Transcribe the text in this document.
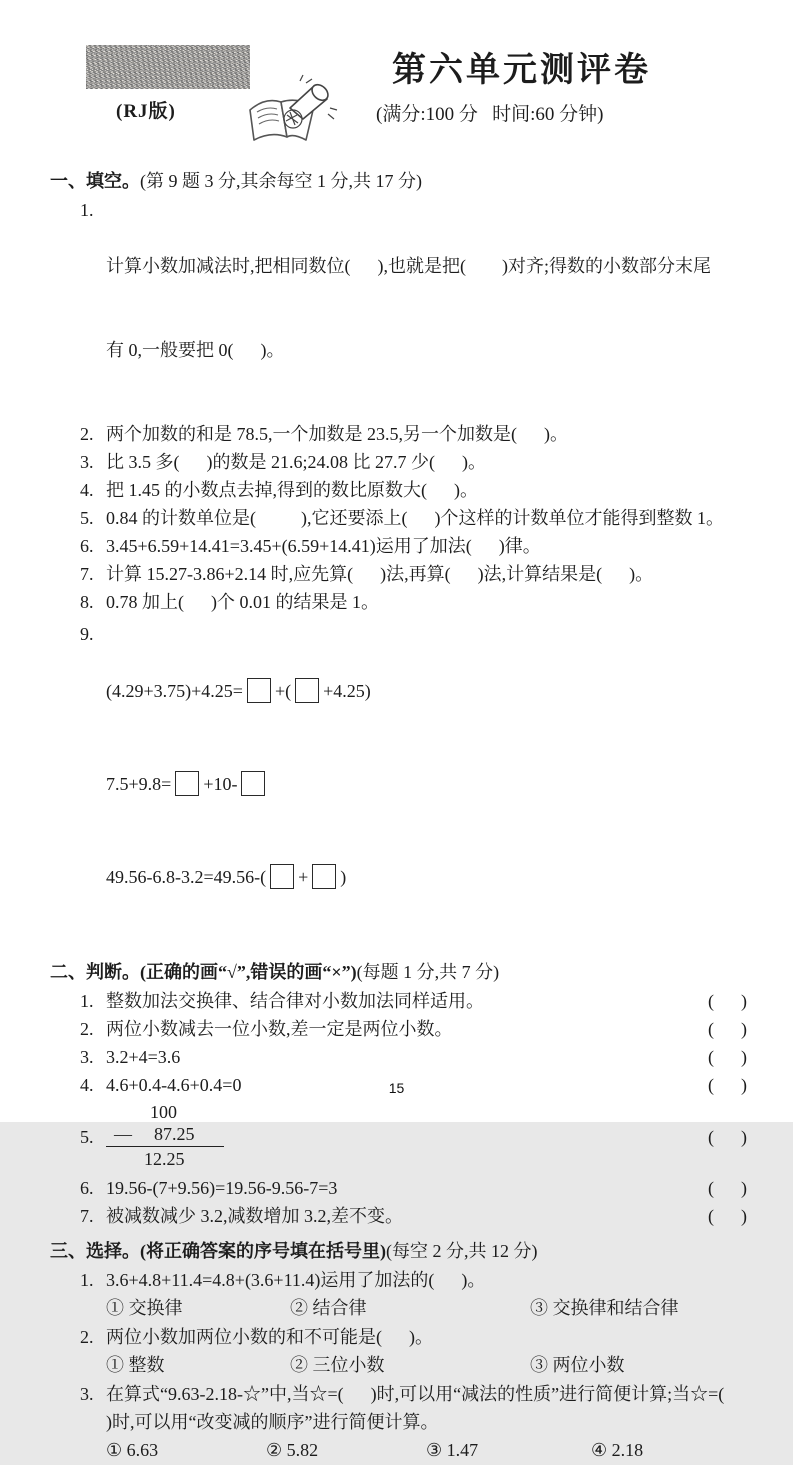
(RJ版)
第六单元测评卷
(满分:100 分   时间:60 分钟)
一、填空。(第 9 题 3 分,其余每空 1 分,共 17 分)
1.

计算小数加减法时,把相同数位(      ),也就是把(        )对齐;得数的小数部分末尾

有 0,一般要把 0(      )。

2. 两个加数的和是 78.5,一个加数是 23.5,另一个加数是(      )。
3. 比 3.5 多(      )的数是 21.6;24.08 比 27.7 少(      )。
4. 把 1.45 的小数点去掉,得到的数比原数大(      )。
5. 0.84 的计数单位是(          ),它还要添上(      )个这样的计数单位才能得到整数 1。
6. 3.45+6.59+14.41=3.45+(6.59+14.41)运用了加法(      )律。
7. 计算 15.27-3.86+2.14 时,应先算(      )法,再算(      )法,计算结果是(      )。
8. 0.78 加上(      )个 0.01 的结果是 1。
9.

(4.29+3.75)+4.25= +( +4.25)

7.5+9.8= +10-

49.56-6.8-3.2=49.56-( + )

二、判断。(正确的画“√”,错误的画“×”)(每题 1 分,共 7 分)
1. 整数加法交换律、结合律对小数加法同样适用。	(      )
2. 两位小数减去一位小数,差一定是两位小数。	(      )
3. 3.2+4=3.6	(      )
4. 4.6+0.4-4.6+0.4=0	(      )
5.
100
— 87.25
12.25
(      )
6. 19.56-(7+9.56)=19.56-9.56-7=3	(      )
7. 被减数减少 3.2,减数增加 3.2,差不变。	(      )
三、选择。(将正确答案的序号填在括号里)(每空 2 分,共 12 分)
1. 3.6+4.8+11.4=4.8+(3.6+11.4)运用了加法的(      )。
① 交换律	② 结合律	③ 交换律和结合律
2. 两位小数加两位小数的和不可能是(      )。
① 整数	② 三位小数	③ 两位小数
3. 在算式“9.63-2.18-☆”中,当☆=(      )时,可以用“减法的性质”进行简便计算;当☆=(      )时,可以用“改变减的顺序”进行简便计算。
① 6.63	② 5.82	③ 1.47	④ 2.18
15
